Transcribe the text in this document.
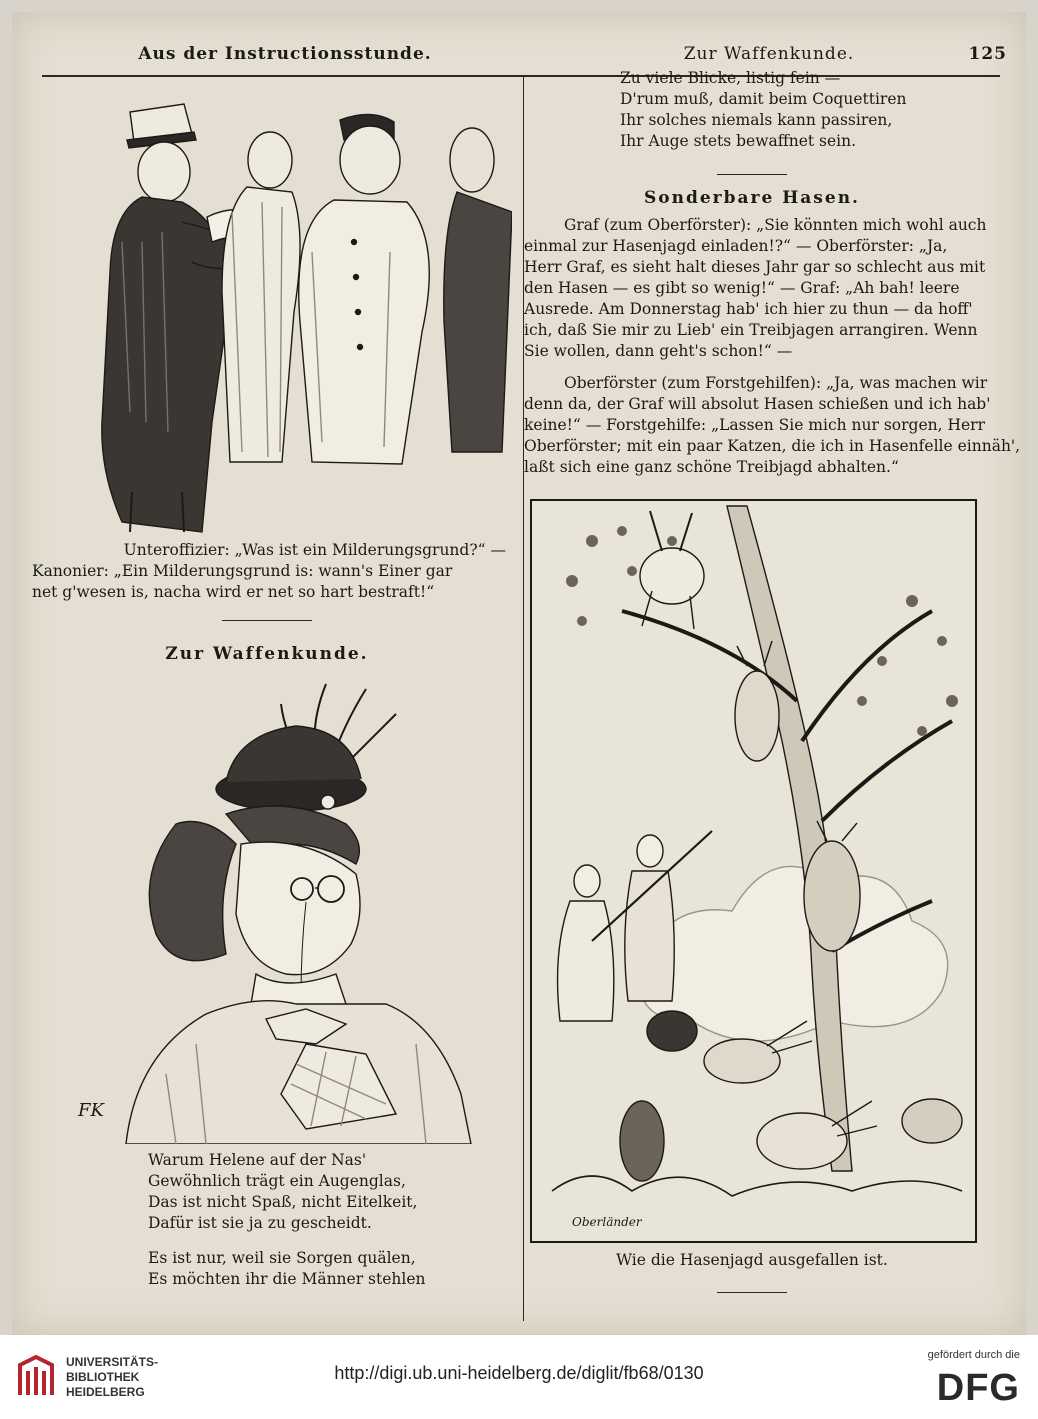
Aus der Instructionsstunde.	Zur Waffenkunde.	125
Unteroffizier: „Was ist ein Milderungsgrund?“ —
Kanonier: „Ein Milderungsgrund is: wann's Einer gar
net g'wesen is, nacha wird er net so hart bestraft!“
Zur Waffenkunde.
FK
Warum Helene auf der Nas'
Gewöhnlich trägt ein Augenglas,
Das ist nicht Spaß, nicht Eitelkeit,
Dafür ist sie ja zu gescheidt.
Es ist nur, weil sie Sorgen quälen,
Es möchten ihr die Männer stehlen
Zu viele Blicke, listig fein —
D'rum muß, damit beim Coquettiren
Ihr solches niemals kann passiren,
Ihr Auge stets bewaffnet sein.
Sonderbare Hasen.
Graf (zum Oberförster): „Sie könnten mich wohl auch
einmal zur Hasenjagd einladen!?“ — Oberförster: „Ja,
Herr Graf, es sieht halt dieses Jahr gar so schlecht aus mit
den Hasen — es gibt so wenig!“ — Graf: „Ah bah! leere
Ausrede. Am Donnerstag hab' ich hier zu thun — da hoff'
ich, daß Sie mir zu Lieb' ein Treibjagen arrangiren. Wenn
Sie wollen, dann geht's schon!“ —
Oberförster (zum Forstgehilfen): „Ja, was machen wir
denn da, der Graf will absolut Hasen schießen und ich hab'
keine!“ — Forstgehilfe: „Lassen Sie mich nur sorgen, Herr
Oberförster; mit ein paar Katzen, die ich in Hasenfelle einnäh',
laßt sich eine ganz schöne Treibjagd abhalten.“
Oberländer
Wie die Hasenjagd ausgefallen ist.
UNIVERSITÄTS-
BIBLIOTHEK
HEIDELBERG
http://digi.ub.uni-heidelberg.de/diglit/fb68/0130
gefördert durch die
DFG
